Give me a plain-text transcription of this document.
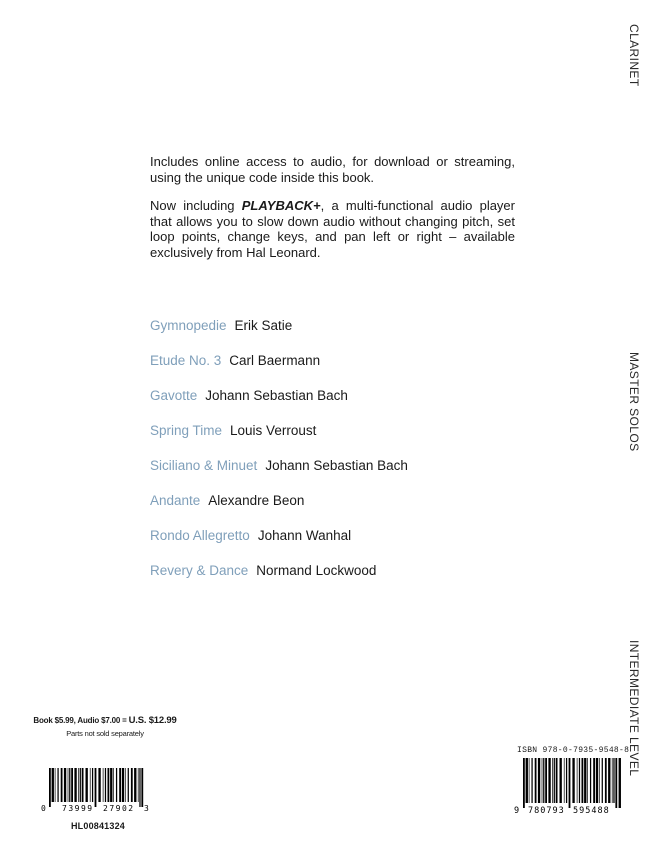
CLARINET
MASTER SOLOS
INTERMEDIATE LEVEL

Includes online access to audio, for download or streaming, using the unique code inside this book.

Now including PLAYBACK+, a multi-functional audio player that allows you to slow down audio without changing pitch, set loop points, change keys, and pan left or right – available exclusively from Hal Leonard.

Gymnopedie Erik Satie
Etude No. 3 Carl Baermann
Gavotte Johann Sebastian Bach
Spring Time Louis Verroust
Siciliano & Minuet Johann Sebastian Bach
Andante Alexandre Beon
Rondo Allegretto Johann Wanhal
Revery & Dance Normand Lockwood
Book $5.99, Audio $7.00 = U.S. $12.99
Parts not sold separately
0 73999 27902 3
HL00841324
ISBN 978-0-7935-9548-8
9 780793 595488
